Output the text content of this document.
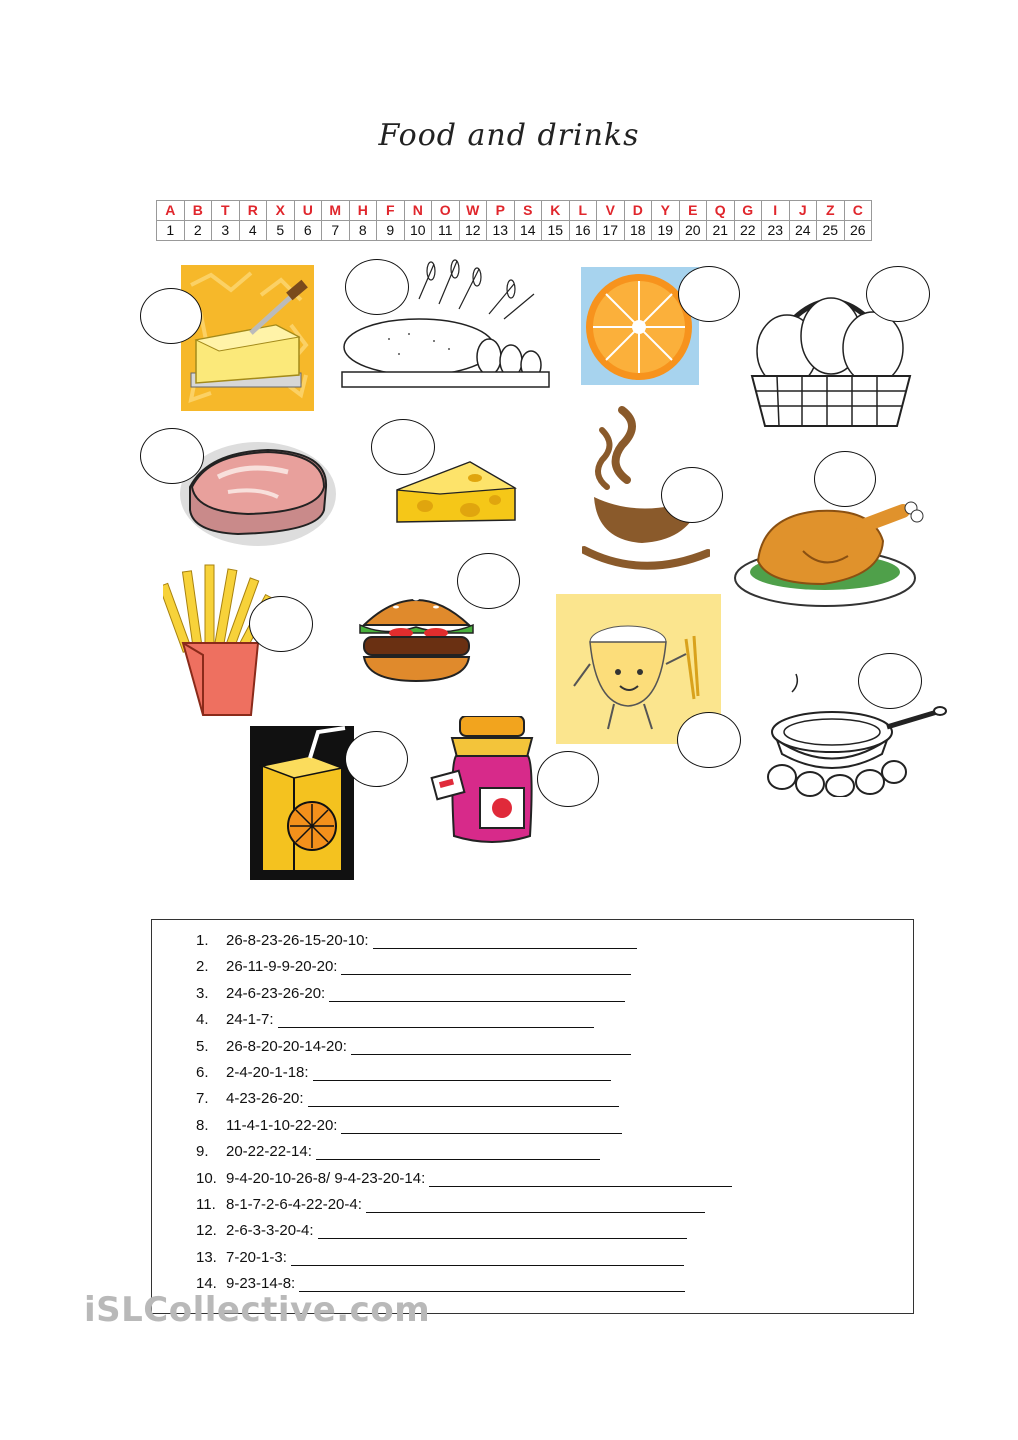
Food and drinks
A	B	T	R	X	U	M	H	F	N	O	W	P	S	K	L	V	D	Y	E	Q	G	I	J	Z	C
1	2	3	4	5	6	7	8	9	10	11	12	13	14	15	16	17	18	19	20	21	22	23	24	25	26
1.	26-8-23-26-15-20-10:
2.	26-11-9-9-20-20:
3.	24-6-23-26-20:
4.	24-1-7:
5.	26-8-20-20-14-20:
6.	2-4-20-1-18:
7.	4-23-26-20:
8.	11-4-1-10-22-20:
9.	20-22-22-14:
10. 9-4-20-10-26-8/ 9-4-23-20-14:
11. 8-1-7-2-6-4-22-20-4:
12. 2-6-3-3-20-4:
13. 7-20-1-3:
14. 9-23-14-8:
iSLCollective.com
